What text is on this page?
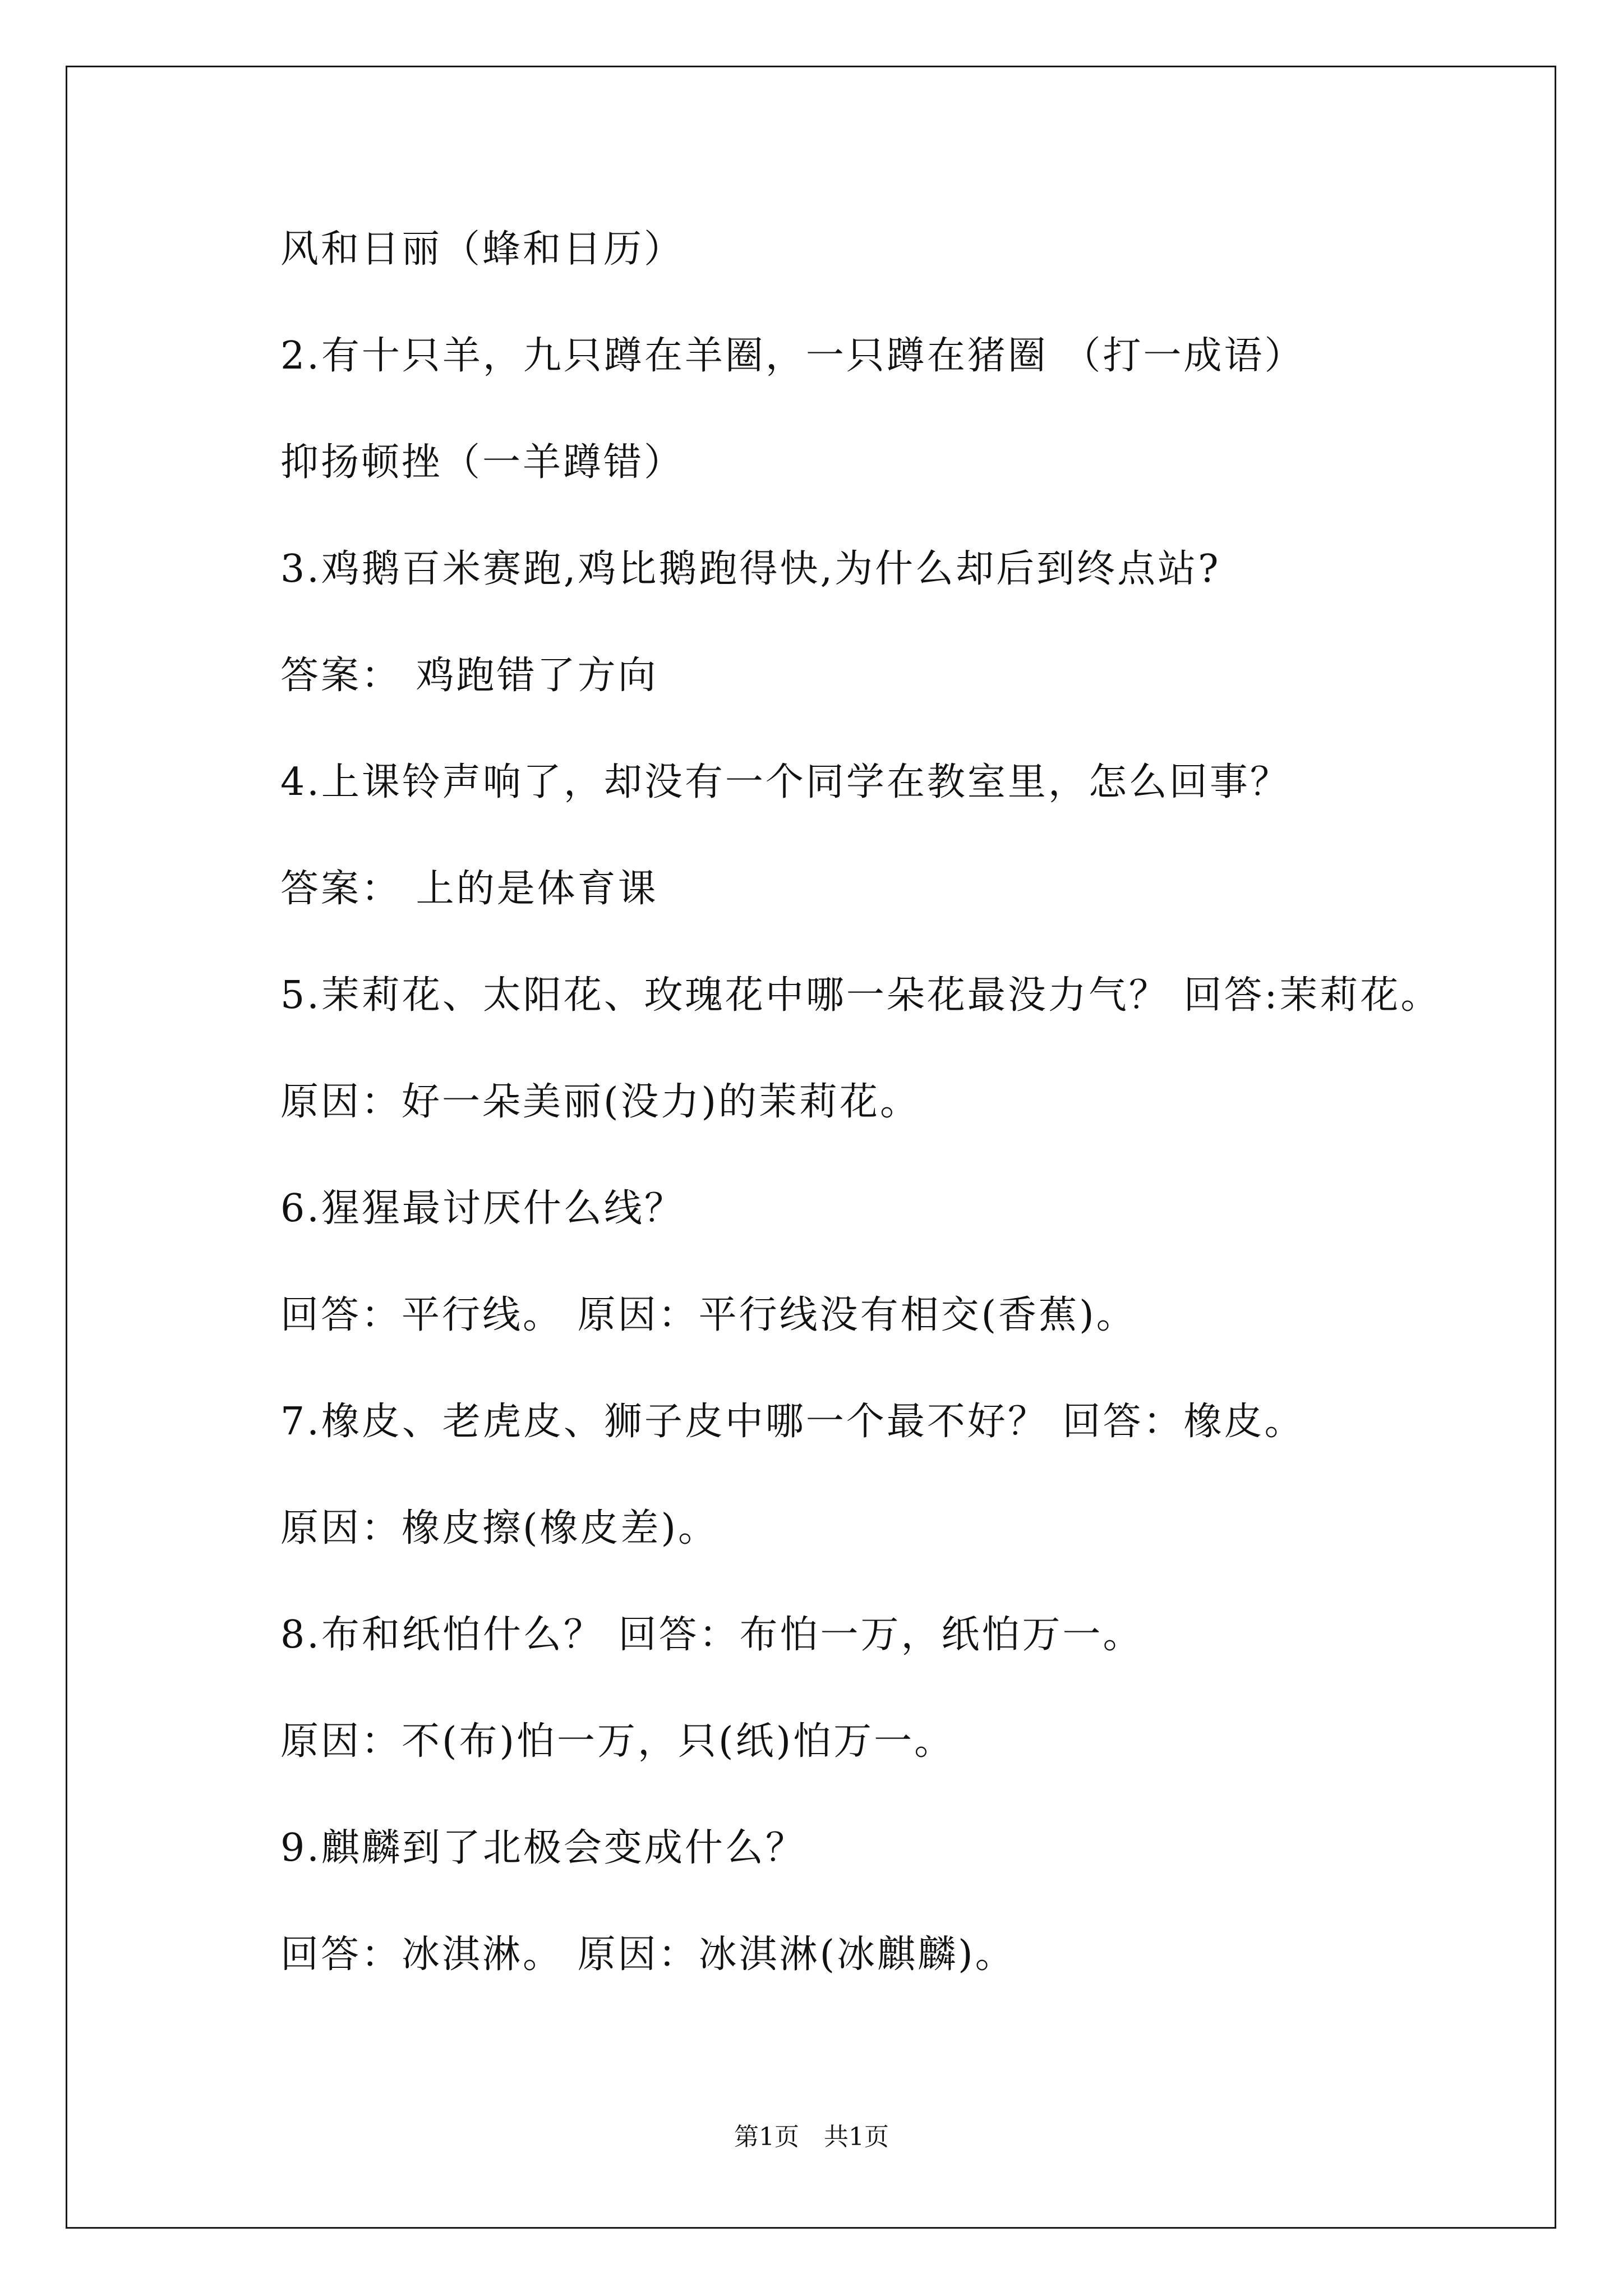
风和日丽（蜂和日历）
2.有十只羊，九只蹲在羊圈，一只蹲在猪圈 （打一成语）
抑扬顿挫（一羊蹲错）
3.鸡鹅百米赛跑,鸡比鹅跑得快,为什么却后到终点站?
答案： 鸡跑错了方向
4.上课铃声响了，却没有一个同学在教室里，怎么回事？
答案： 上的是体育课
5.茉莉花、太阳花、玫瑰花中哪一朵花最没力气？ 回答:茉莉花。
原因：好一朵美丽(没力)的茉莉花。
6.猩猩最讨厌什么线？
回答：平行线。 原因：平行线没有相交(香蕉)。
7.橡皮、老虎皮、狮子皮中哪一个最不好？ 回答：橡皮。
原因：橡皮擦(橡皮差)。
8.布和纸怕什么？ 回答：布怕一万，纸怕万一。
原因：不(布)怕一万，只(纸)怕万一。
9.麒麟到了北极会变成什么？
回答：冰淇淋。 原因：冰淇淋(冰麒麟)。
第1页　共1页
